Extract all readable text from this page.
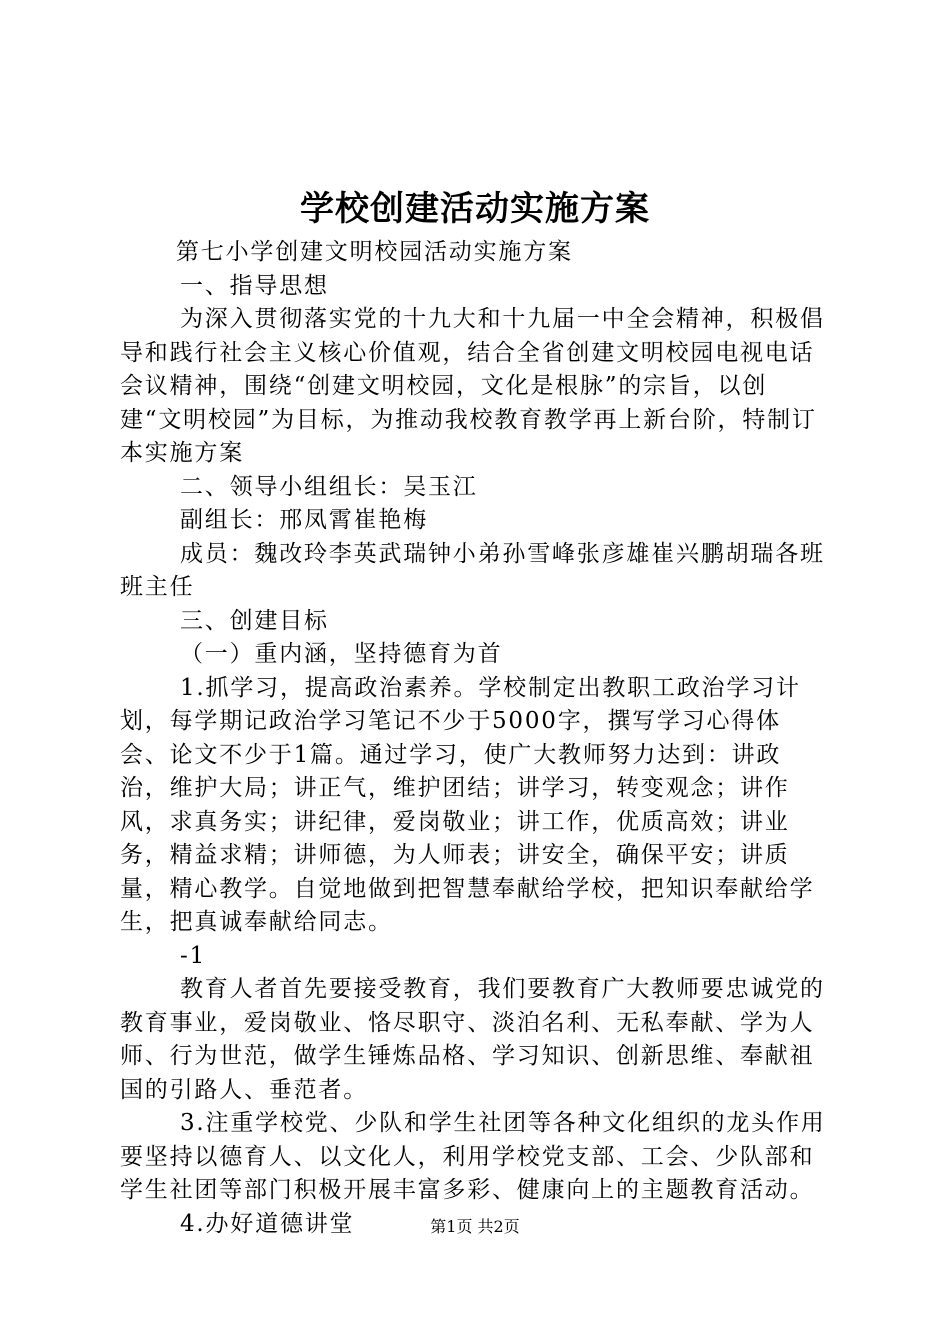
学校创建活动实施方案

第七小学创建文明校园活动实施方案

一、指导思想

为深入贯彻落实党的十九大和十九届一中全会精神，积极倡导和践行社会主义核心价值观，结合全省创建文明校园电视电话会议精神，围绕“创建文明校园，文化是根脉”的宗旨，以创建“文明校园”为目标，为推动我校教育教学再上新台阶，特制订本实施方案

二、领导小组组长：吴玉江

副组长：邢凤霄崔艳梅

成员：魏改玲李英武瑞钟小弟孙雪峰张彦雄崔兴鹏胡瑞各班班主任

三、创建目标

（一）重内涵，坚持德育为首

1.抓学习，提高政治素养。学校制定出教职工政治学习计划，每学期记政治学习笔记不少于5000字，撰写学习心得体会、论文不少于1篇。通过学习，使广大教师努力达到：讲政治，维护大局；讲正气，维护团结；讲学习，转变观念；讲作风，求真务实；讲纪律，爱岗敬业；讲工作，优质高效；讲业务，精益求精；讲师德，为人师表；讲安全，确保平安；讲质量，精心教学。自觉地做到把智慧奉献给学校，把知识奉献给学生，把真诚奉献给同志。

-1

教育人者首先要接受教育，我们要教育广大教师要忠诚党的教育事业，爱岗敬业、恪尽职守、淡泊名利、无私奉献、学为人师、行为世范，做学生锤炼品格、学习知识、创新思维、奉献祖国的引路人、垂范者。

3.注重学校党、少队和学生社团等各种文化组织的龙头作用要坚持以德育人、以文化人，利用学校党支部、工会、少队部和学生社团等部门积极开展丰富多彩、健康向上的主题教育活动。

4.办好道德讲堂	第1页 共2页
